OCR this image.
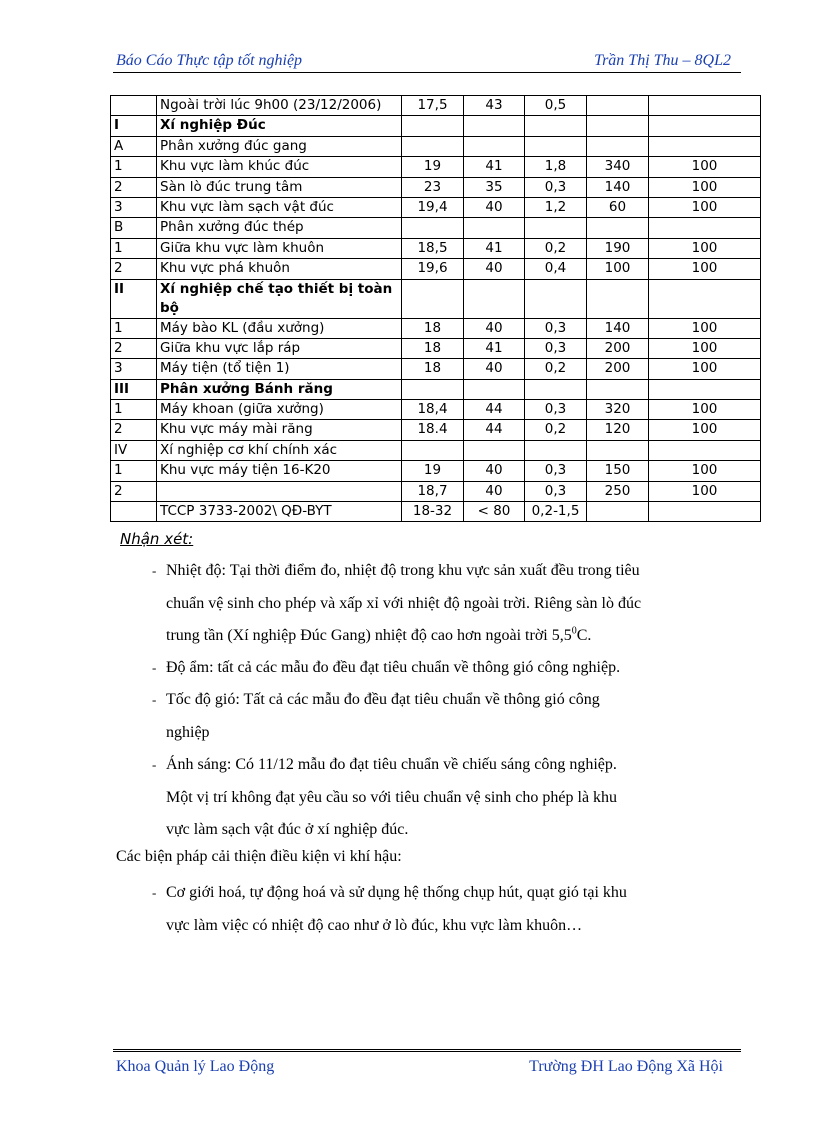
Báo Cáo Thực tập tốt nghiệp	Trần Thị Thu – 8QL2
	Ngoài trời lúc 9h00 (23/12/2006)	17,5	43	0,5		
I	Xí nghiệp Đúc					
A	Phân xưởng đúc gang					
1	Khu vực làm khúc đúc	19	41	1,8	340	100
2	Sàn lò đúc trung tâm	23	35	0,3	140	100
3	Khu vực làm sạch vật đúc	19,4	40	1,2	60	100
B	Phân xưởng đúc thép					
1	Giữa khu vực làm khuôn	18,5	41	0,2	190	100
2	Khu vực phá khuôn	19,6	40	0,4	100	100
II	Xí nghiệp chế tạo thiết bị toàn bộ					
1	Máy bào KL (đầu xưởng)	18	40	0,3	140	100
2	Giữa khu vực lắp ráp	18	41	0,3	200	100
3	Máy tiện (tổ tiện 1)	18	40	0,2	200	100
III	Phân xưởng Bánh răng					
1	Máy khoan (giữa xưởng)	18,4	44	0,3	320	100
2	Khu vực máy mài răng	18.4	44	0,2	120	100
IV	Xí nghiệp cơ khí chính xác					
1	Khu vực máy tiện 16-K20	19	40	0,3	150	100
2		18,7	40	0,3	250	100
	TCCP 3733-2002\ QĐ-BYT	18-32	< 80	0,2-1,5		
Nhận xét:
- Nhiệt độ: Tại thời điểm đo, nhiệt độ trong khu vực sản xuất đều trong tiêu
chuẩn vệ sinh cho phép và xấp xỉ với nhiệt độ ngoài trời. Riêng sàn lò đúc
trung tần (Xí nghiệp Đúc Gang) nhiệt độ cao hơn ngoài trời $5,5^0C$.
- Độ ẩm: tất cả các mẫu đo đều đạt tiêu chuẩn về thông gió công nghiệp.
- Tốc độ gió: Tất cả các mẫu đo đều đạt tiêu chuẩn về thông gió công
nghiệp
- Ánh sáng: Có 11/12 mẫu đo đạt tiêu chuẩn về chiếu sáng công nghiệp.
Một vị trí không đạt yêu cầu so với tiêu chuẩn vệ sinh cho phép là khu
vực làm sạch vật đúc ở xí nghiệp đúc.
Các biện pháp cải thiện điều kiện vi khí hậu:
- Cơ giới hoá, tự động hoá và sử dụng hệ thống chụp hút, quạt gió tại khu
vực làm việc có nhiệt độ cao như ở lò đúc, khu vực làm khuôn…
Khoa Quản lý Lao Động	Trường ĐH Lao Động Xã Hội
